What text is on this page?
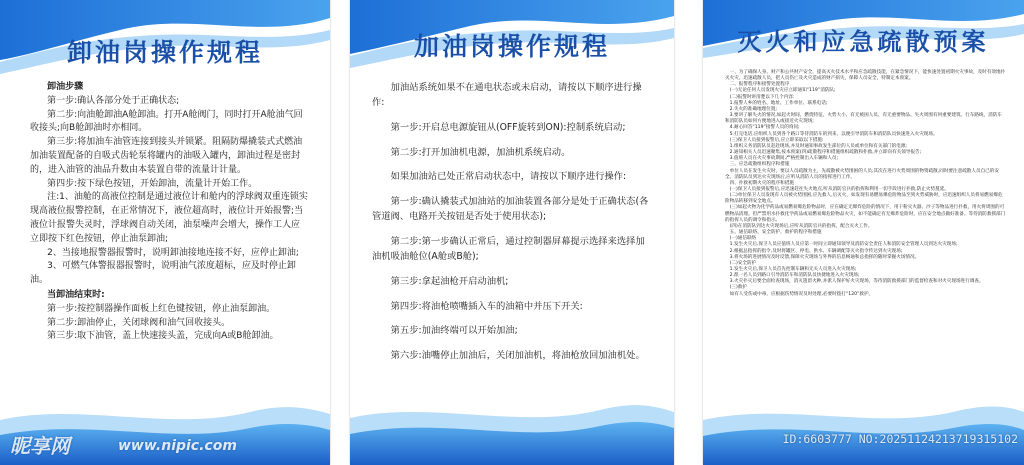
卸油岗操作规程

卸油步骤

第一步:确认各部分处于正确状态;

第二步:向油舱卸油A舱卸油。打开A舱阀门，同时打开A舱油气回收接头;向B舱卸油时亦相同。

第三步:将加油车油管连接到接头并锁紧。阻隔防爆撬装式式燃油加油装置配备的自吸式齿轮泵将罐内的油吸入罐内，卸油过程是密封的，进入油管的油品升数由本装置自带的流量计计量。

第四步:按下绿色按钮，开始卸油，流量计开始工作。

注:1、油舱的高液位控制是通过液位计和舱内的浮球阀双重连锁实现高液位报警控制，在正常情况下，液位超高时，液位计开始报警;当液位计报警失灵时，浮球阀自动关闭，油泵噪声会增大，操作工人应立即按下红色按钮，停止油泵卸油;

2、当接地报警器报警时，说明卸油接地连接不好，应停止卸油;

3、可燃气体警报器报警时，说明油气浓度超标，应及时停止卸油。

当卸油结束时:

第一步:按控制器操作面板上红色键按钮，停止油泵卸油。

第二步:卸油停止，关闭球阀和油气回收接头。

第三步:取下油管，盖上快速接头盖，完成向A或B舱卸油。

加油岗操作规程

加油站系统如果不在通电状态或未启动，请按以下顺序进行操作:

第一步:开启总电源旋钮从(OFF旋转到ON):控制系统启动;

第二步:打开加油机电源，加油机系统启动。

如果加油站已处正常启动状态中，请按以下顺序进行操作:

第一步:确认撬装式加油站的加油装置各部分是处于正确状态(各管道阀、电路开关按钮是否处于使用状态);

第二步:第一步确认正常后，通过控制器屏幕提示选择来选择加油机吸油舱位(A舱或B舱);

第三步:拿起油枪开启动油机;

第四步:将油枪喷嘴插入车的油箱中并压下开关:

第五步:加油终端可以开始加油;

第六步:油嘴停止加油后，关闭加油机，将油枪放回加油机处。

灭火和应急疏散预案

一、为了确保人身、财产和公共财产安全，提高灭火技术水平和应急疏散技能，在紧急情况下，能快速处置初期火灾事故，及时有效地扑灭火灾，迅速疏散人员，把人员伤亡及火灾造成的财产损失，保障人员安全，特制定本预案。

二、报警程序和接警处置程序

(一)无论任何人员发现火灾应立即通知“119”消防队;

(二)报警时讲清楚以下几个内容:

1.报警人乡的姓名、地址、工作单位、联系电话;

2.失火的准确地理位置;

3.要讲了解失火的情况,如起火时间、燃烧特征、火势大小、有无被困人员、有无重要物品、失火周围有何重要建筑、行车路线，消防车和消防队员如何方便地进入或接近火灾现场;

4.耐心回答“119”接警人员的询问;

5.打完电话,应组织人员到各个路口等待消防车的到来，以便引导消防车和消防队员快速进入火灾现场。

(三)保卫人员接到报警后,应立即采取以下措施:

1.组织义务消防队员赶赴现场,并及时通知事故发生部位的人员或单位和有关部门的电源;

2.通知相关人员迅速聚集,按本预案(四)疏散程序和措施组织疏散和扑救,并立即向有关领导报告;

3.值班人员在火灾事故期间,严格控制出入车辆和人员;

三、应急疏散组织程序和措施

单位人员在发生火灾时，要以人员疏散为主，先疏散被火势围困的人员,其次在进行火势周围的物资疏散,同时要注意疏散人员自己的安全。消防队员到达火灾现场后,应听从消防人员的指挥进行工作。

四、扑救初期火灾的程序和措施

(一)保卫人员接到报警后,应迅速赶往失火地点,听从消防官兵的指挥和利用一切手段进行扑救,防止火势蔓延。

(二)单位保卫人员发现有人员被火势围困,应先救人,后灭火，如发现有易燃易爆危险物品至到火势威胁时，应迅速组织人员将易燃易爆危险物品转移到安全地点。

(三)如起火物为化学药品或易燃易爆危险物品时，应在确定无爆炸危险的情况下，用干粉灭火器、沙子等物品进行扑救，用火将周围的可燃物品清理。但严禁用水扑救化学药品或易燃易爆危险物品火灾，如不能确定有无爆炸危险时，应在安全地点做好准备。等待消防救援部门的指挥人员的调令和指示。

(四)在消防队到达火灾现场后,应听从消防官兵的指挥，配合灭火工作。

五、通信联络、安全防护、救护的程序和措施

(一)通信联络

1.发生火灾后,保卫人员应值班人员应第一时间立即通知领导及消防安全责任人和消防安全管理人员到达火灾现场;

2.根据总指挥的指令,及时将罐区、停电、供水、车辆调配等灭火指令传达到火灾现场;

3.将火场的进展情况及时反馈,保障火灾现场与外界的信息畅通和总指挥的随时掌握火场情况。

(二)安全防护

1.发生火灾后,保卫人员首先控制车辆和无关人员进入火灾现场;

2.派一名人员到路口引导消防车和消防队员快捷地进入火灾现场;

3.火灾扑灭后要全面检查现场，消灭遗留火种,并派人保护好火灾现场，等待消防救援部门的监督检查和对火灾现场进行调查。

(三)救护

如有人受伤或中毒，应根据伤势情况及时处理,必要时拨打“120”救护。

昵享网	www.nipic.com	ID:6603777 NO:20251124213719315102
